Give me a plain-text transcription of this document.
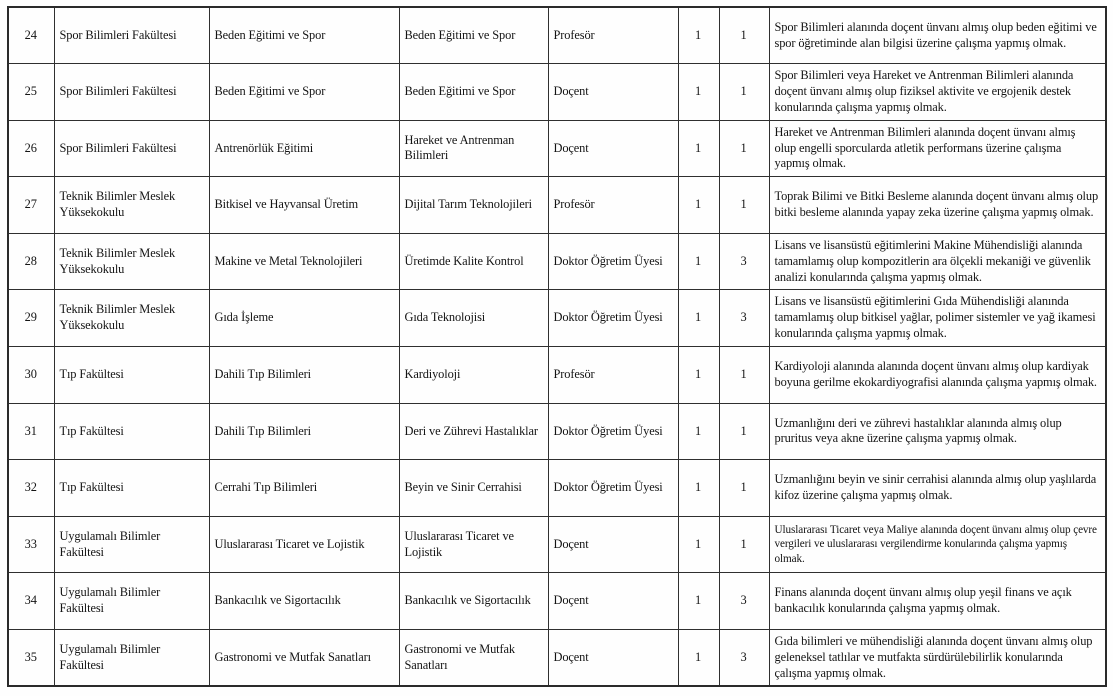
24	Spor Bilimleri Fakültesi	Beden Eğitimi ve Spor	Beden Eğitimi ve Spor	Profesör	1	1	Spor Bilimleri alanında doçent ünvanı almış olup beden eğitimi ve spor öğretiminde alan bilgisi üzerine çalışma yapmış olmak.
25	Spor Bilimleri Fakültesi	Beden Eğitimi ve Spor	Beden Eğitimi ve Spor	Doçent	1	1	Spor Bilimleri veya Hareket ve Antrenman Bilimleri alanında doçent ünvanı almış olup fiziksel aktivite ve ergojenik destek konularında çalışma yapmış olmak.
26	Spor Bilimleri Fakültesi	Antrenörlük Eğitimi	Hareket ve Antrenman Bilimleri	Doçent	1	1	Hareket ve Antrenman Bilimleri alanında doçent ünvanı almış olup engelli sporcularda atletik performans üzerine çalışma yapmış olmak.
27	Teknik Bilimler Meslek Yüksekokulu	Bitkisel ve Hayvansal Üretim	Dijital Tarım Teknolojileri	Profesör	1	1	Toprak Bilimi ve Bitki Besleme alanında doçent ünvanı almış olup bitki besleme alanında yapay zeka üzerine çalışma yapmış olmak.
28	Teknik Bilimler Meslek Yüksekokulu	Makine ve Metal Teknolojileri	Üretimde Kalite Kontrol	Doktor Öğretim Üyesi	1	3	Lisans ve lisansüstü eğitimlerini Makine Mühendisliği alanında tamamlamış olup kompozitlerin ara ölçekli mekaniği ve güvenlik analizi konularında çalışma yapmış olmak.
29	Teknik Bilimler Meslek Yüksekokulu	Gıda İşleme	Gıda Teknolojisi	Doktor Öğretim Üyesi	1	3	Lisans ve lisansüstü eğitimlerini Gıda Mühendisliği alanında tamamlamış olup bitkisel yağlar, polimer sistemler ve yağ ikamesi konularında çalışma yapmış olmak.
30	Tıp Fakültesi	Dahili Tıp Bilimleri	Kardiyoloji	Profesör	1	1	Kardiyoloji alanında alanında doçent ünvanı almış olup kardiyak boyuna gerilme ekokardiyografisi alanında çalışma yapmış olmak.
31	Tıp Fakültesi	Dahili Tıp Bilimleri	Deri ve Zührevi Hastalıklar	Doktor Öğretim Üyesi	1	1	Uzmanlığını deri ve zührevi hastalıklar alanında almış olup pruritus veya akne üzerine çalışma yapmış olmak.
32	Tıp Fakültesi	Cerrahi Tıp Bilimleri	Beyin ve Sinir Cerrahisi	Doktor Öğretim Üyesi	1	1	Uzmanlığını beyin ve sinir cerrahisi alanında almış olup yaşlılarda kifoz üzerine çalışma yapmış olmak.
33	Uygulamalı Bilimler Fakültesi	Uluslararası Ticaret ve Lojistik	Uluslararası Ticaret ve Lojistik	Doçent	1	1	Uluslararası Ticaret veya Maliye alanında doçent ünvanı almış olup çevre vergileri ve uluslararası vergilendirme konularında çalışma yapmış olmak.
34	Uygulamalı Bilimler Fakültesi	Bankacılık ve Sigortacılık	Bankacılık ve Sigortacılık	Doçent	1	3	Finans alanında doçent ünvanı almış olup yeşil finans ve açık bankacılık konularında çalışma yapmış olmak.
35	Uygulamalı Bilimler Fakültesi	Gastronomi ve Mutfak Sanatları	Gastronomi ve Mutfak Sanatları	Doçent	1	3	Gıda bilimleri ve mühendisliği alanında doçent ünvanı almış olup geleneksel tatlılar ve mutfakta sürdürülebilirlik konularında çalışma yapmış olmak.
